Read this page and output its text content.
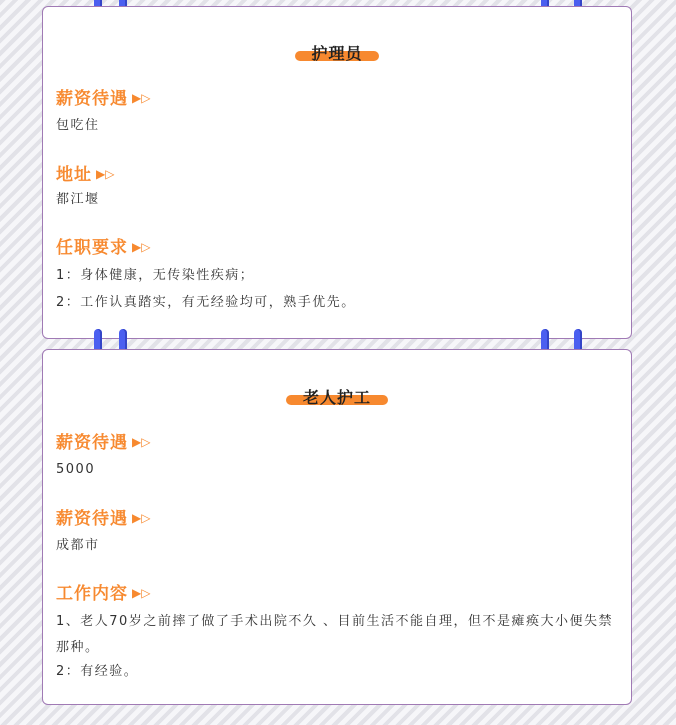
护理员
薪资待遇 ▶▷
包吃住
地址 ▶▷
都江堰
任职要求 ▶▷
1：身体健康，无传染性疾病；
2：工作认真踏实，有无经验均可，熟手优先。
老人护工
薪资待遇 ▶▷
5000
薪资待遇 ▶▷
成都市
工作内容 ▶▷
1、老人70岁之前摔了做了手术出院不久 、目前生活不能自理，但不是瘫痪大小便失禁那种。
2：有经验。
